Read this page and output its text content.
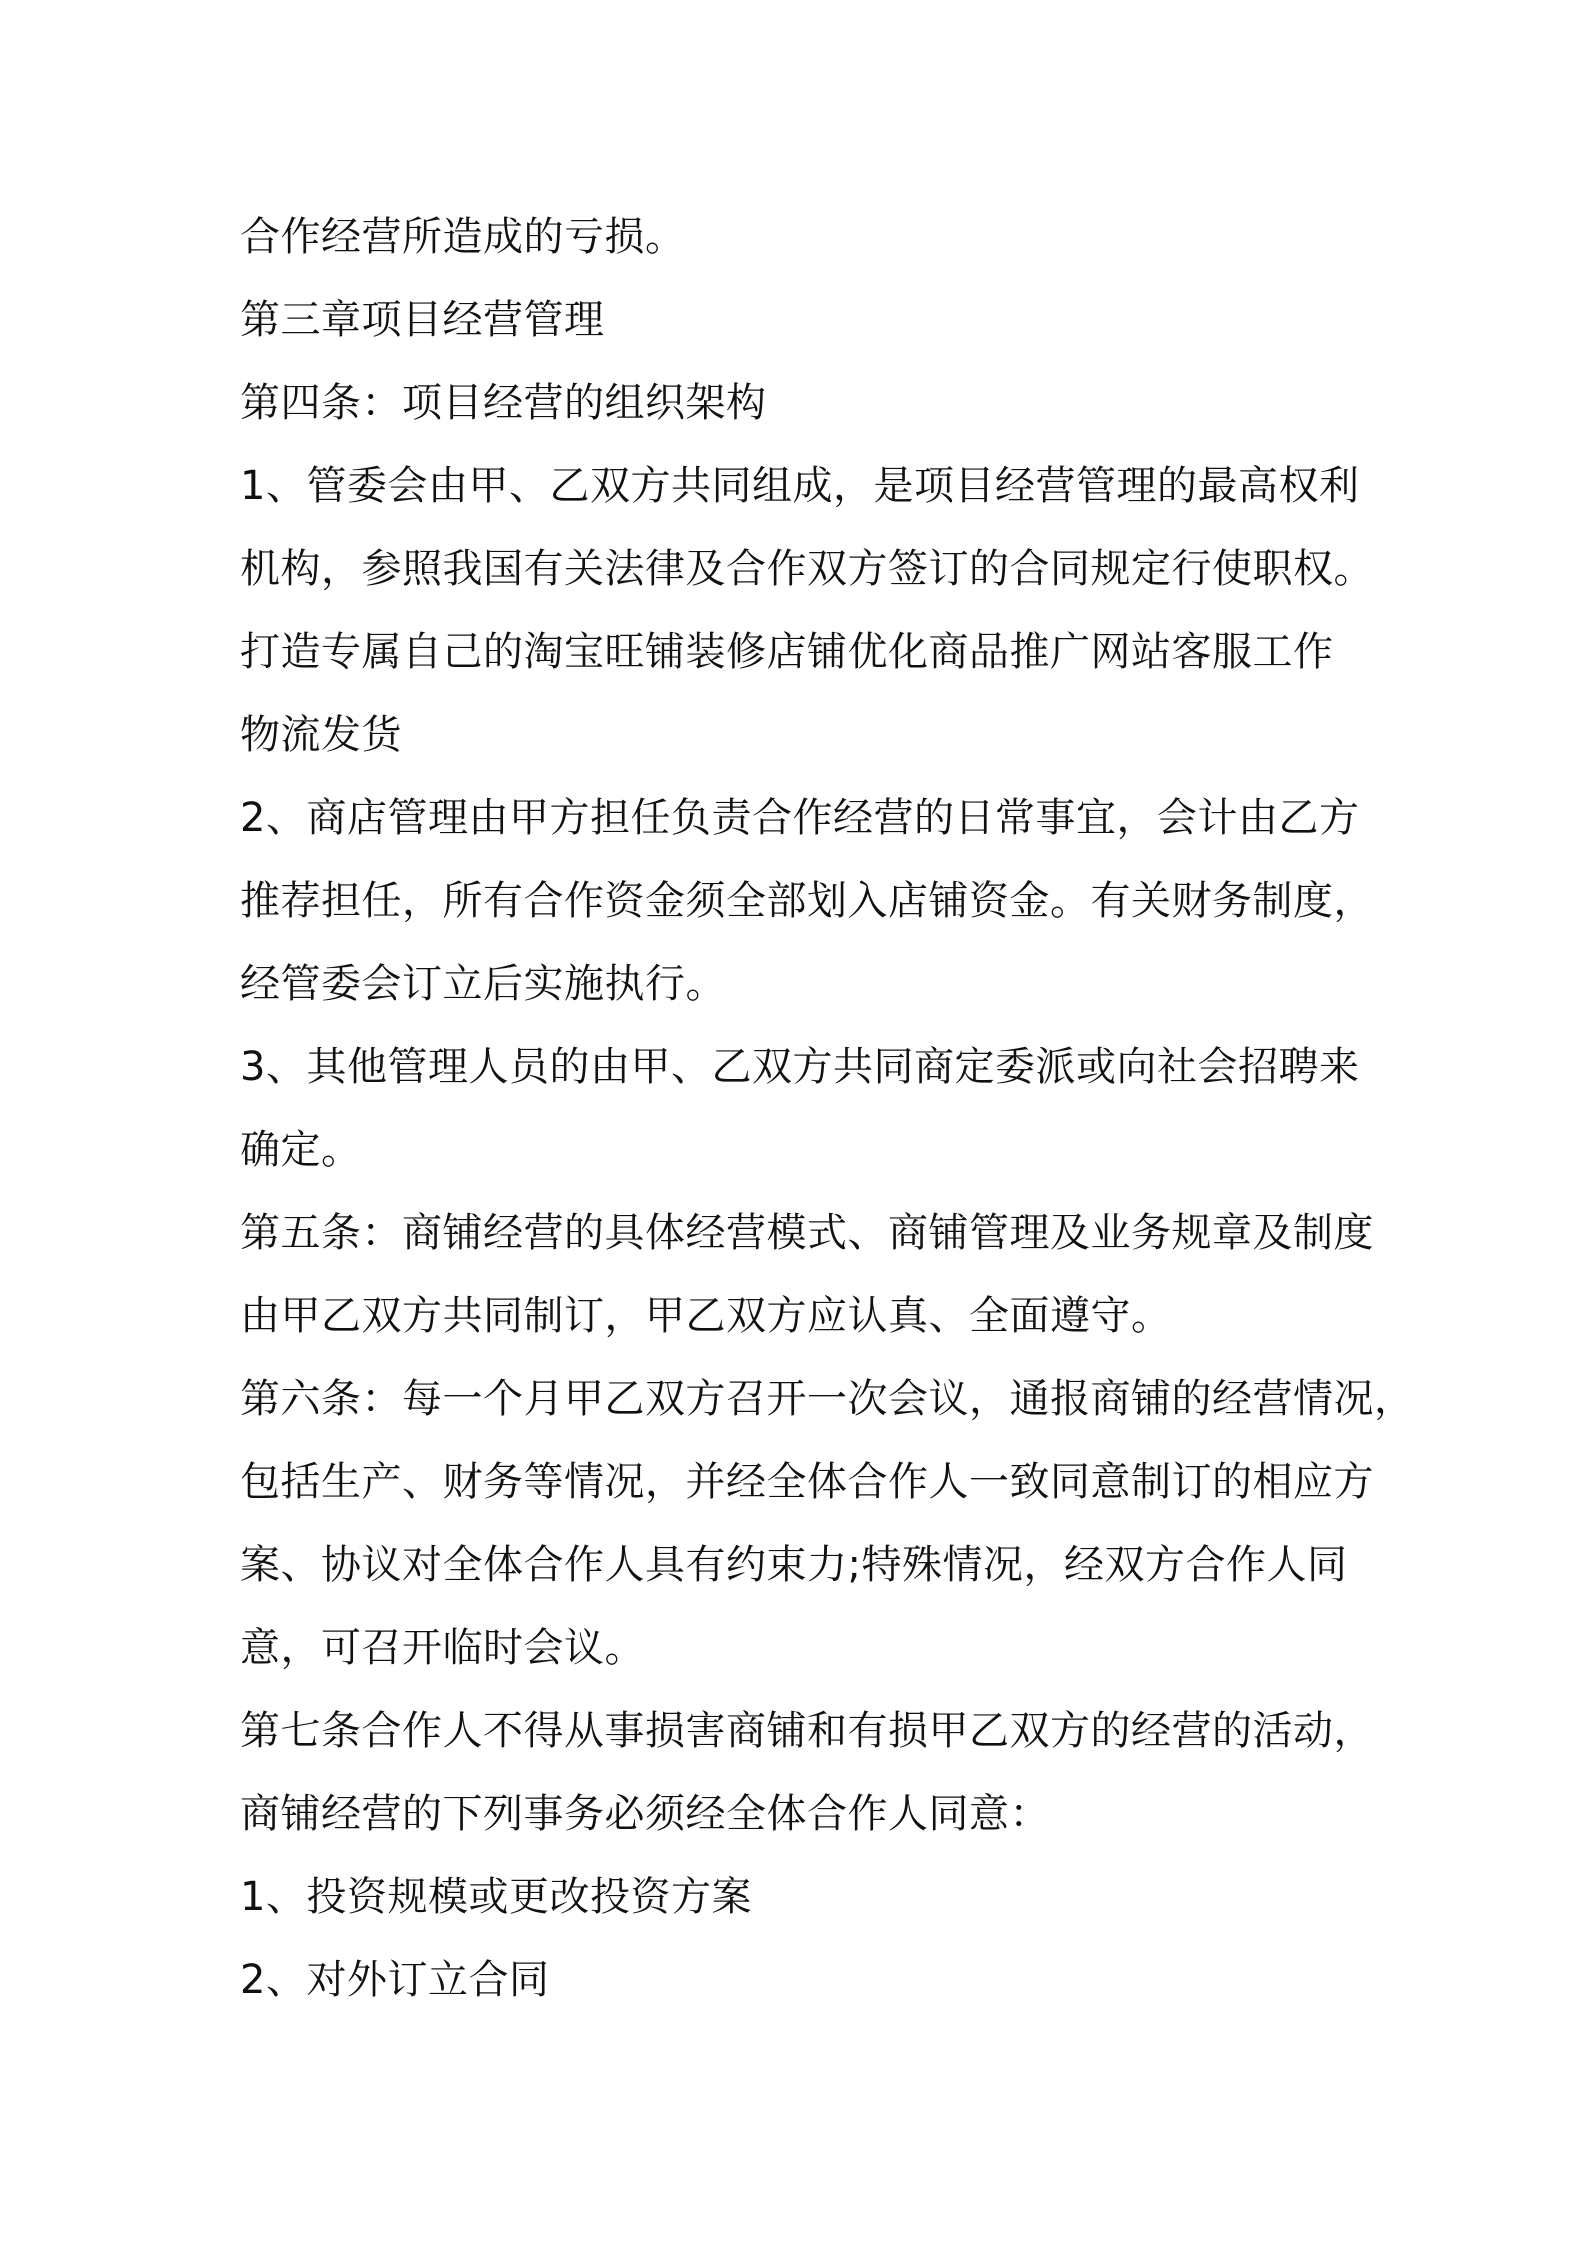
合作经营所造成的亏损。
第三章项目经营管理
第四条：项目经营的组织架构
1、管委会由甲、乙双方共同组成，是项目经营管理的最高权利
机构，参照我国有关法律及合作双方签订的合同规定行使职权。
打造专属自己的淘宝旺铺装修店铺优化商品推广网站客服工作
物流发货
2、商店管理由甲方担任负责合作经营的日常事宜，会计由乙方
推荐担任，所有合作资金须全部划入店铺资金。有关财务制度，
经管委会订立后实施执行。
3、其他管理人员的由甲、乙双方共同商定委派或向社会招聘来
确定。
第五条：商铺经营的具体经营模式、商铺管理及业务规章及制度
由甲乙双方共同制订，甲乙双方应认真、全面遵守。
第六条：每一个月甲乙双方召开一次会议，通报商铺的经营情况，
包括生产、财务等情况，并经全体合作人一致同意制订的相应方
案、协议对全体合作人具有约束力;特殊情况，经双方合作人同
意，可召开临时会议。
第七条合作人不得从事损害商铺和有损甲乙双方的经营的活动，
商铺经营的下列事务必须经全体合作人同意：
1、投资规模或更改投资方案
2、对外订立合同
